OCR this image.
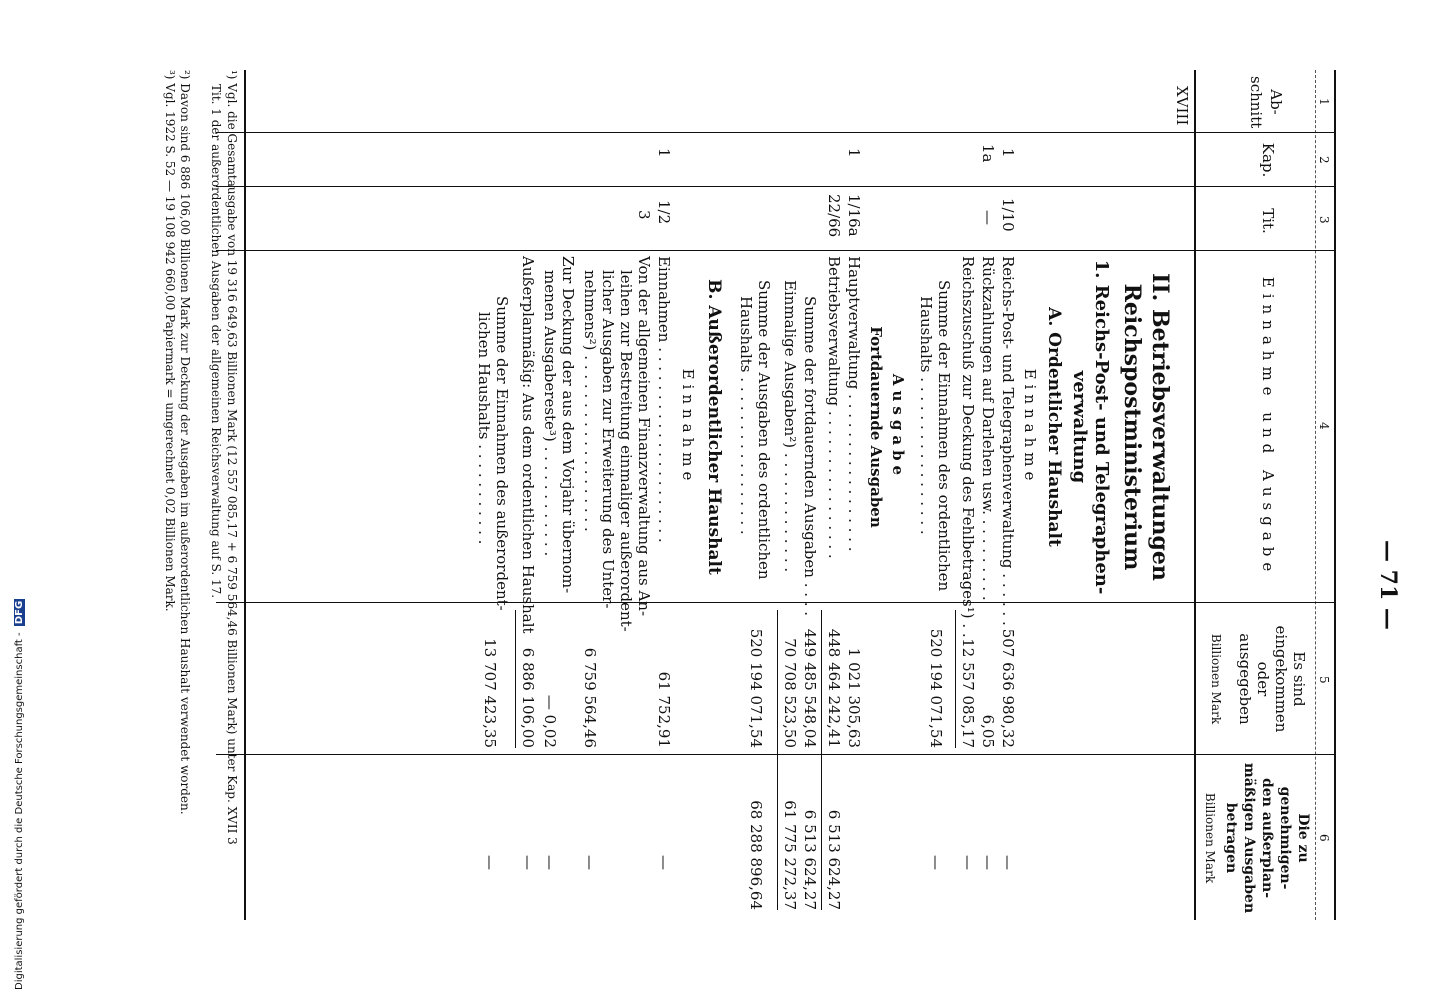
— 71 —
1
2
3
4
5
6
Ab-
schnitt
Kap.
Tit.
Einnahme und Ausgabe
Es sind
eingekommen oder
ausgegeben
Billionen Mark
Die zu genehmigen-
den außerplan-
mäßigen Ausgaben
betragen
Billionen Mark
XVIII
II. Betriebsverwaltungen
Reichspostministerium
1. Reichs-Post- und Telegraphen-
verwaltung
A. Ordentlicher Haushalt
Einnahme
1
1/10
Reichs-Post- und Telegraphenverwaltung . . . . . .
507 636 980,32
—
1a
—
Rückzahlungen auf Darlehen usw. . . . . . . . . .
6,05
—
Reichszuschuß zur Deckung des Fehlbetrages¹) . .
12 557 085,17
—
Summe der Einnahmen des ordentlichen
Haushalts . . . . . . . . . . . . . . . . .
520 194 071,54
—
Ausgabe
Fortdauernde Ausgaben
1
1/16a
Hauptverwaltung . . . . . . . . . . . . . . . . .
1 021 305,63
22/66
Betriebsverwaltung . . . . . . . . . . . . . . . .
448 464 242,41
6 513 624,27
Summe der fortdauernden Ausgaben . . . .
449 485 548,04
6 513 624,27
Einmalige Ausgaben²) . . . . . . . . . . . . .
70 708 523,50
61 775 272,37
Summe der Ausgaben des ordentlichen
Haushalts . . . . . . . . . . . . . . . . .
520 194 071,54
68 288 896,64
B. Außerordentlicher Haushalt
Einnahme
1
1/2
Einnahmen . . . . . . . . . . . . . . . . . . . . .
61 752,91
—
3
Von der allgemeinen Finanzverwaltung aus An-
leihen zur Bestreitung einmaliger außerordent-
licher Ausgaben zur Erweiterung des Unter-
nehmens²) . . . . . . . . . . . . . . . . . . .
6 759 564,46
—
Zur Deckung der aus dem Vorjahr übernom-
menen Ausgabereste³) . . . . . . . . . . . .
— 0,02
—
Außerplanmäßig: Aus dem ordentlichen Haushalt
6 886 106,00
—
Summe der Einnahmen des außerordent-
lichen Haushalts . . . . . . . . . . .
13 707 423,35
—
¹) Vgl. die Gesamtausgabe von 19 316 649,63 Billionen Mark (12 557 085,17 + 6 759 564,46 Billionen Mark) unter Kap. XVII 3
Tit. 1 der außerordentlichen Ausgaben der allgemeinen Reichsverwaltung auf S. 17.
²) Davon sind 6 886 106,00 Billionen Mark zur Deckung der Ausgaben im außerordentlichen Haushalt verwendet worden.
³) Vgl. 1922 S. 52 — 19 108 942 660,00 Papiermark = umgerechnet 0,02 Billionen Mark.
Digitalisierung gefördert durch die Deutsche Forschungsgemeinschaft - DFG
